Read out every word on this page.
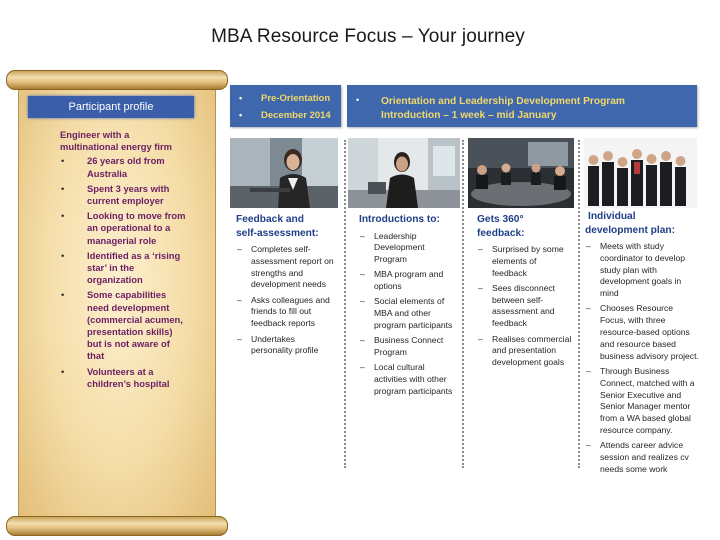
MBA Resource Focus – Your journey
Participant profile
Engineer with a multinational energy firm
• 26 years old from Australia
• Spent 3 years with current employer
• Looking to move from an operational to a managerial role
• Identified as a ‘rising star’ in the organization
• Some capabilities need development (commercial acumen, presentation skills) but is not aware of that
• Volunteers at a children’s hospital
• Pre-Orientation
• December 2014
• Orientation and Leadership Development Program
Introduction – 1 week – mid January
Feedback and
self-assessment:
– Completes self-assessment report on strengths and development needs
– Asks colleagues and friends to fill out feedback reports
– Undertakes personality profile
Introductions to:
– Leadership Development Program
– MBA program and options
– Social elements of MBA and other program participants
– Business Connect Program
– Local cultural activities with other program participants
Gets 360°
feedback:
– Surprised by some elements of feedback
– Sees disconnect between self-assessment and feedback
– Realises commercial and presentation development goals
Individual
development plan:
– Meets with study coordinator to develop study plan with development goals in mind
– Chooses Resource Focus, with three resource-based options and resource based business advisory project.
– Through Business Connect, matched with a Senior Executive and Senior Manager mentor from a WA based global resource company.
– Attends career advice session and realizes cv needs some work
